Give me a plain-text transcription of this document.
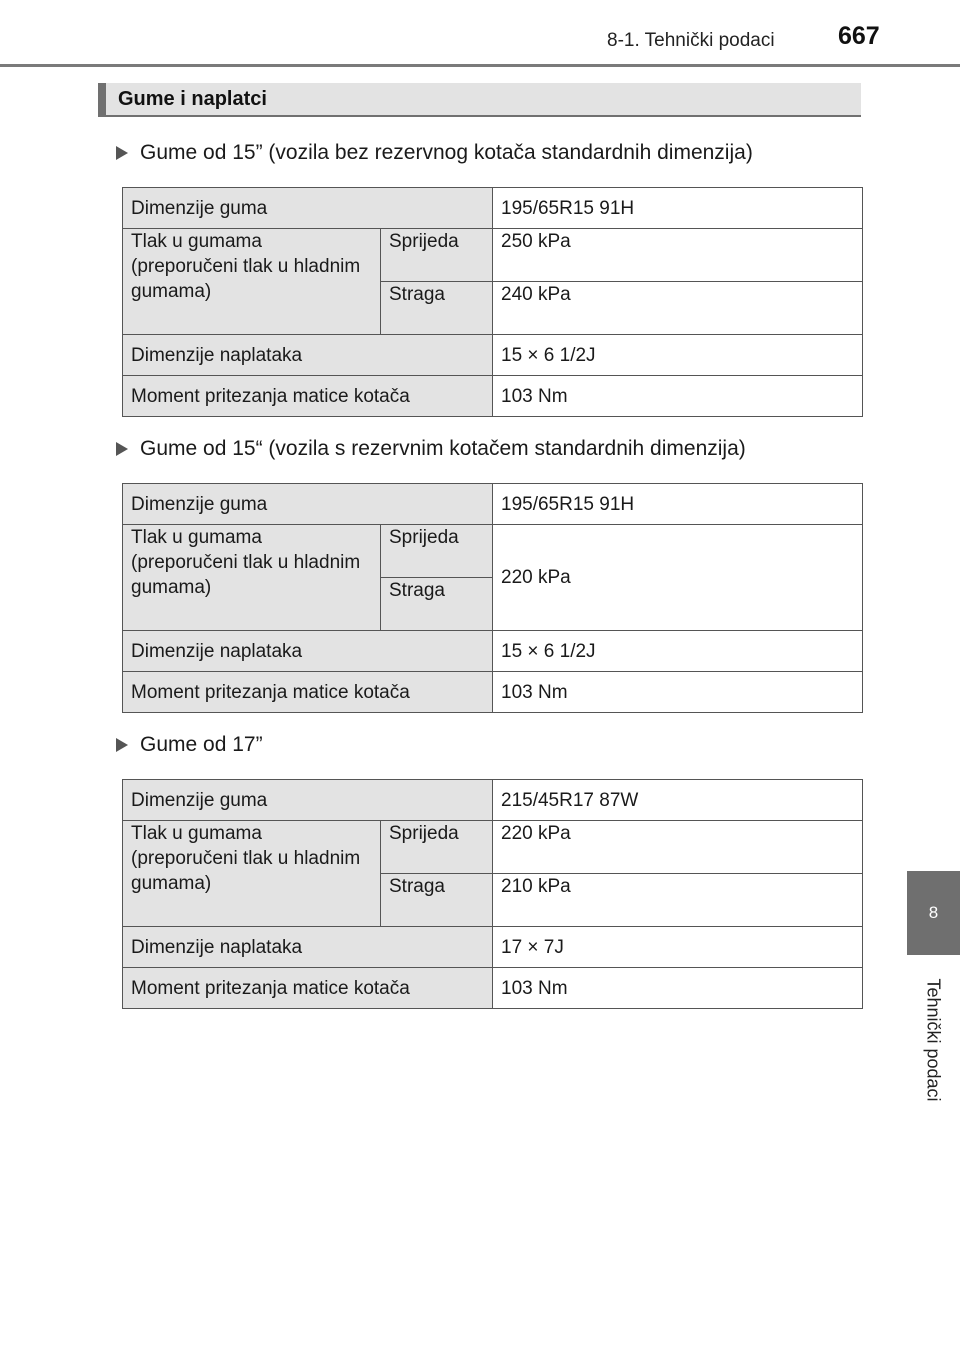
8-1. Tehnički podaci	667
8
Tehnički podaci
Gume i naplatci
Gume od 15” (vozila bez rezervnog kotača standardnih dimenzija)
Dimenzije guma		195/65R15 91H
Tlak u gumama (preporučeni tlak u hladnim gumama)	Sprijeda	250 kPa
	Straga	240 kPa
Dimenzije naplataka		15 × 6 1/2J
Moment pritezanja matice kotača		103 Nm
Gume od 15“ (vozila s rezervnim kotačem standardnih dimenzija)
Dimenzije guma		195/65R15 91H
Tlak u gumama (preporučeni tlak u hladnim gumama)	Sprijeda	220 kPa
	Straga	
Dimenzije naplataka		15 × 6 1/2J
Moment pritezanja matice kotača		103 Nm
Gume od 17”
Dimenzije guma		215/45R17 87W
Tlak u gumama (preporučeni tlak u hladnim gumama)	Sprijeda	220 kPa
	Straga	210 kPa
Dimenzije naplataka		17 × 7J
Moment pritezanja matice kotača		103 Nm
